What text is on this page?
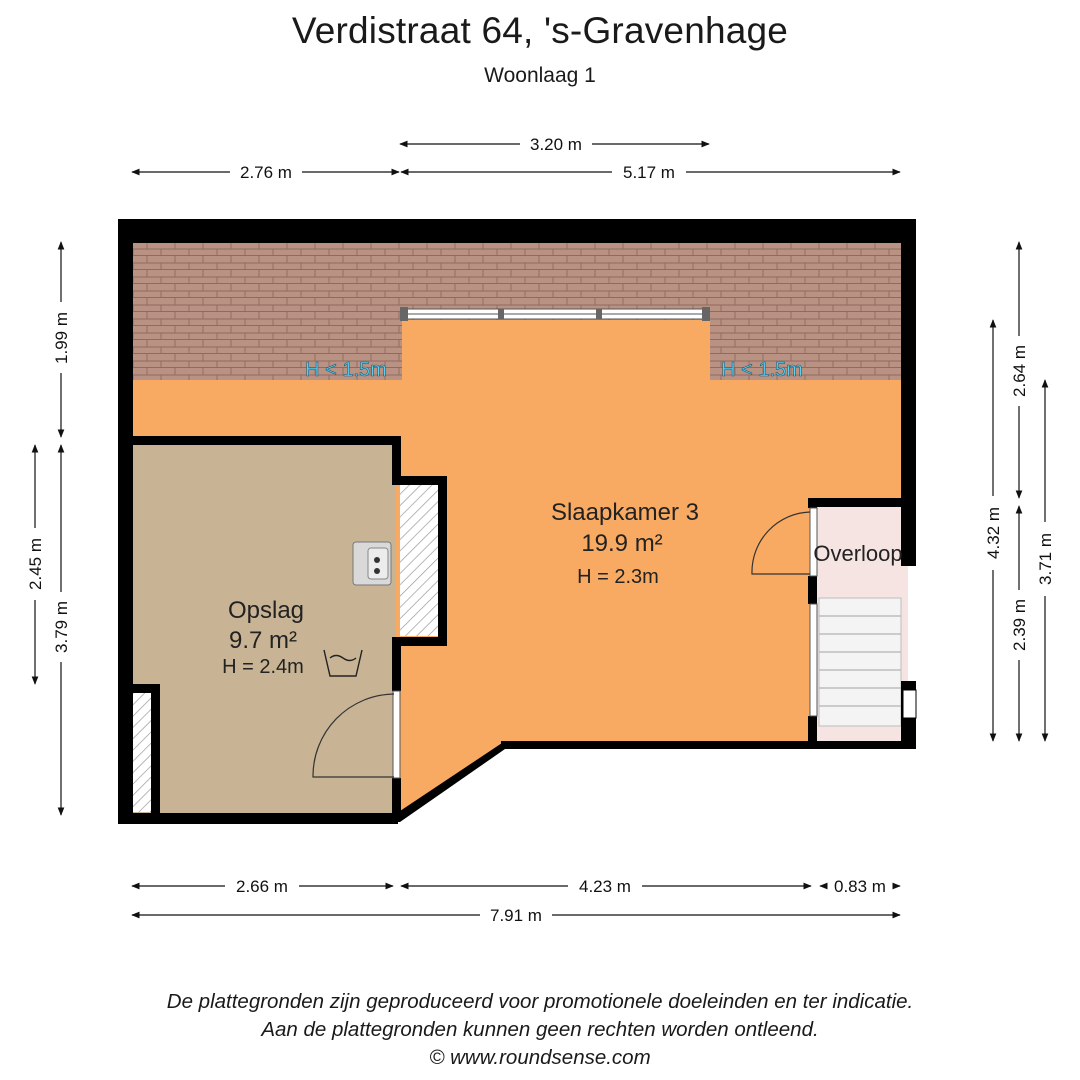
Verdistraat 64, 's-Gravenhage
Woonlaag 1
Slaapkamer 3
19.9 m²
H = 2.3m
Opslag
9.7 m²
H = 2.4m
Overloop
H < 1.5m	H < 1.5m
3.20 m
2.76 m	5.17 m
2.66 m	4.23 m	0.83 m
7.91 m
1.99 m
2.45 m
3.79 m
2.64 m
4.32 m
2.39 m
3.71 m
De plattegronden zijn geproduceerd voor promotionele doeleinden en ter indicatie.
Aan de plattegronden kunnen geen rechten worden ontleend.
© www.roundsense.com
